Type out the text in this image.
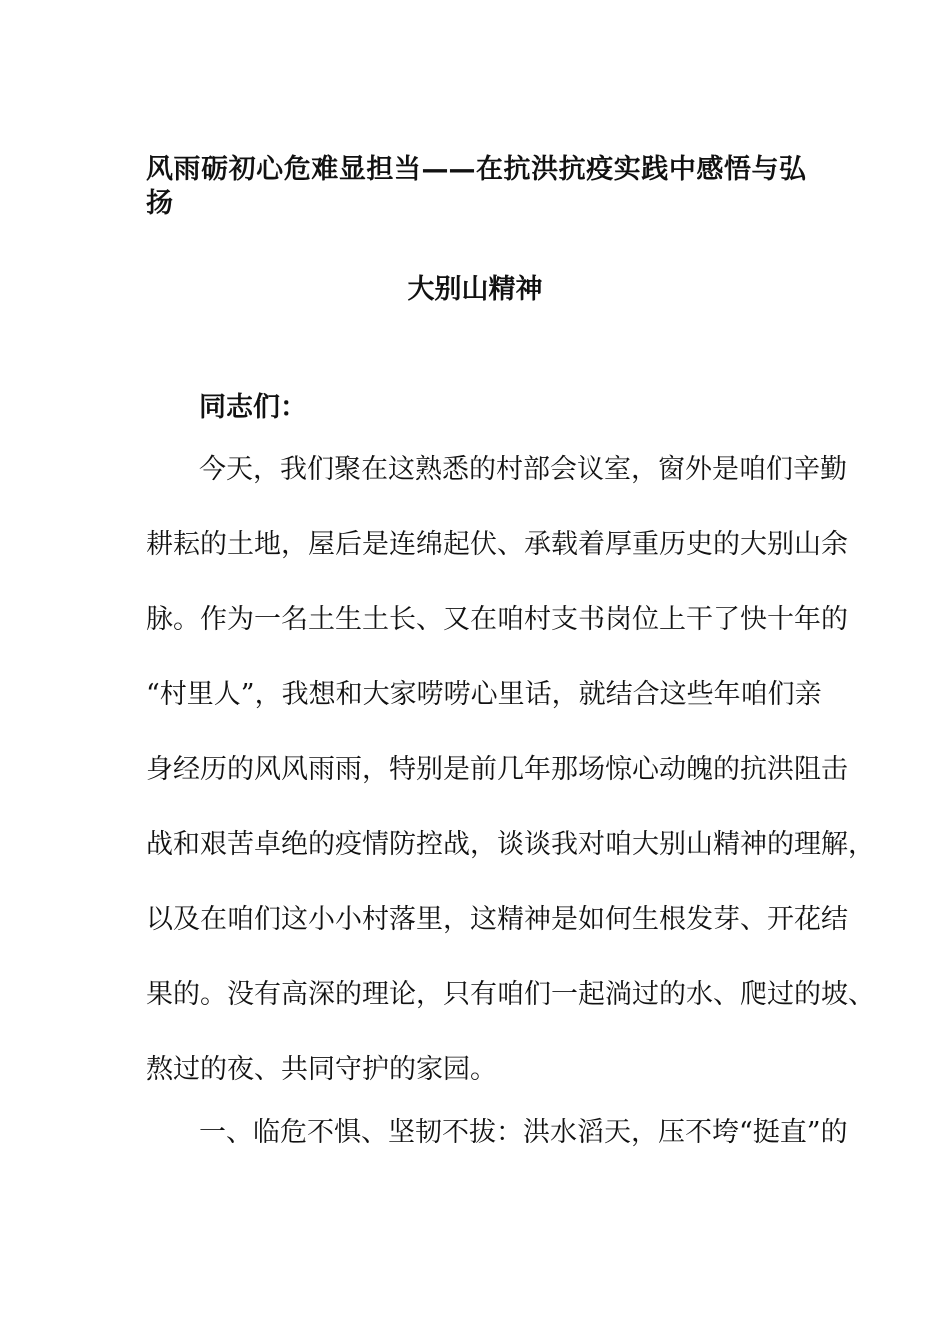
风雨砺初心危难显担当——在抗洪抗疫实践中感悟与弘扬
大别山精神
同志们：
今天，我们聚在这熟悉的村部会议室，窗外是咱们辛勤
耕耘的土地，屋后是连绵起伏、承载着厚重历史的大别山余
脉。作为一名土生土长、又在咱村支书岗位上干了快十年的
“村里人”，我想和大家唠唠心里话，就结合这些年咱们亲
身经历的风风雨雨，特别是前几年那场惊心动魄的抗洪阻击
战和艰苦卓绝的疫情防控战，谈谈我对咱大别山精神的理解，
以及在咱们这小小村落里，这精神是如何生根发芽、开花结
果的。没有高深的理论，只有咱们一起淌过的水、爬过的坡、
熬过的夜、共同守护的家园。
一、临危不惧、坚韧不拔：洪水滔天，压不垮“挺直”的
